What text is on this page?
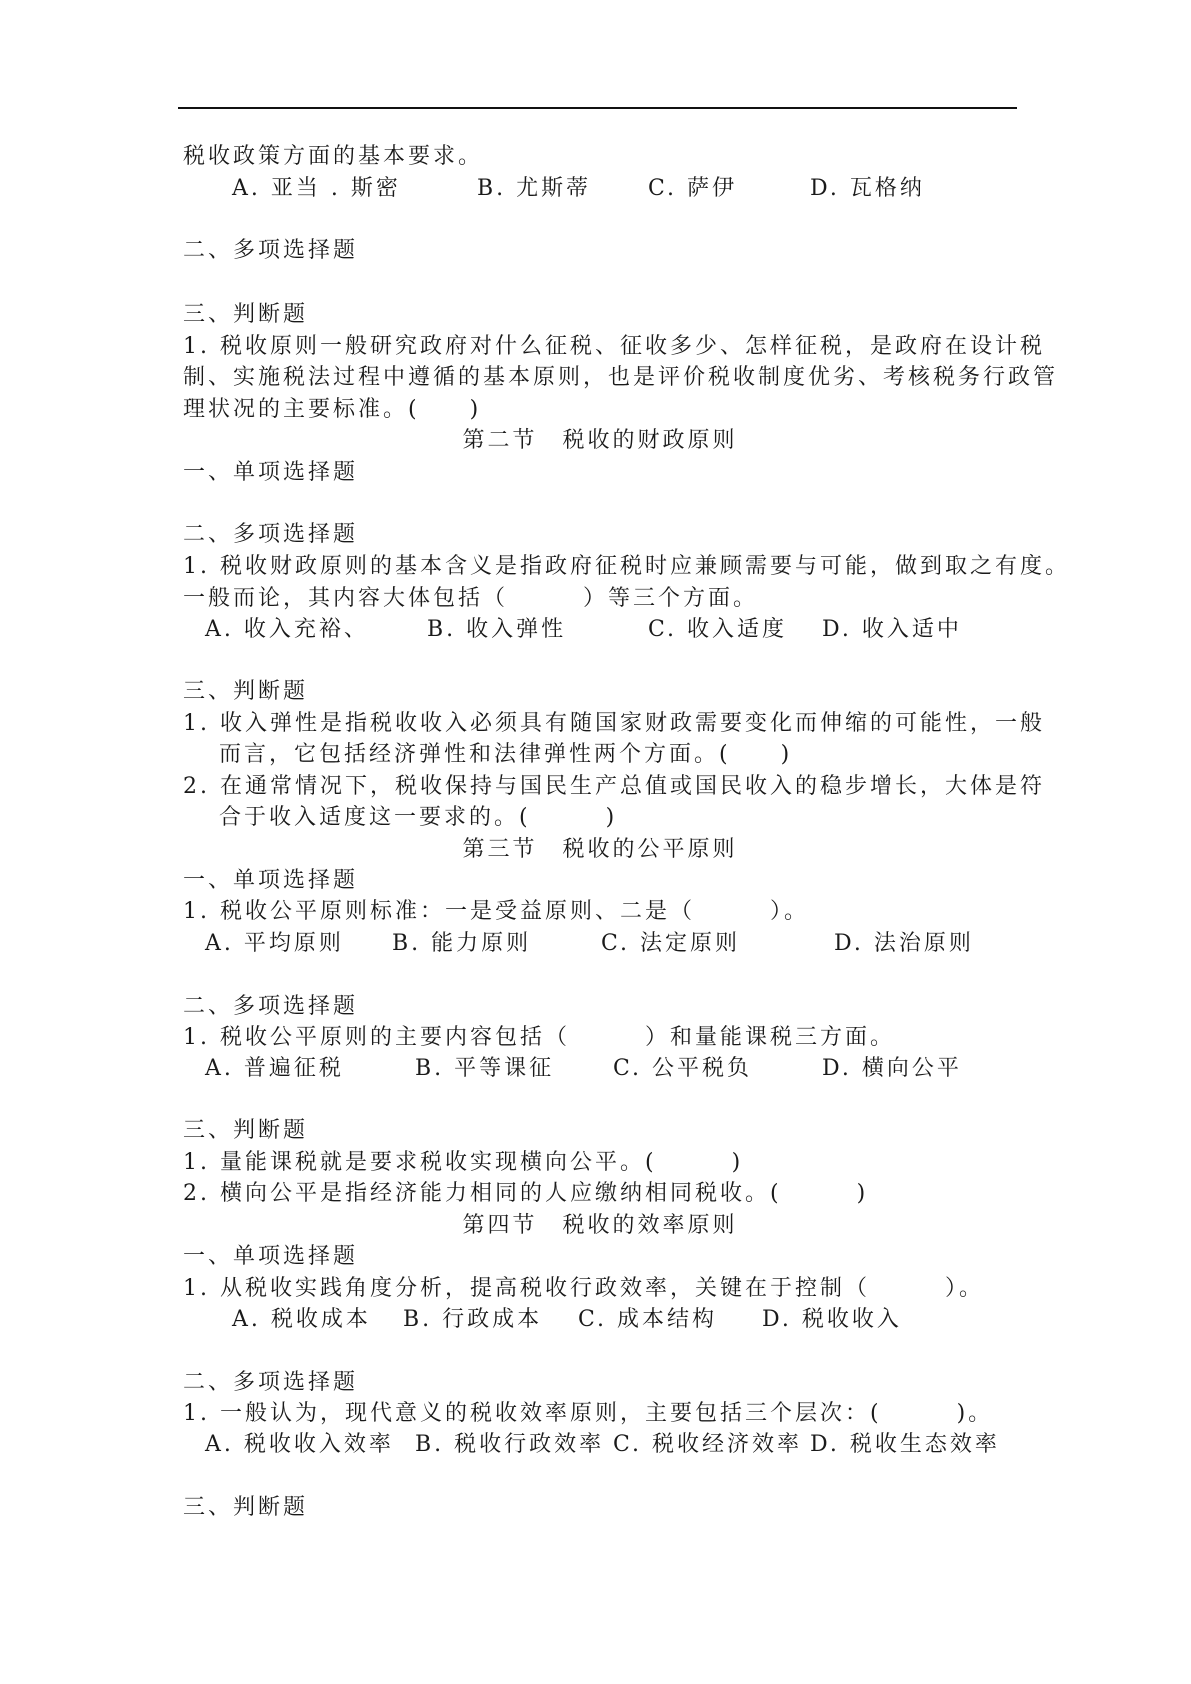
税收政策方面的基本要求。
A. 亚当 . 斯密	B. 尤斯蒂	C. 萨伊	D. 瓦格纳
二、多项选择题
三、判断题
1. 税收原则一般研究政府对什么征税、征收多少、怎样征税，是政府在设计税
制、实施税法过程中遵循的基本原则，也是评价税收制度优劣、考核税务行政管
理状况的主要标准。(　　)
第二节　税收的财政原则
一、单项选择题
二、多项选择题
1. 税收财政原则的基本含义是指政府征税时应兼顾需要与可能，做到取之有度。
一般而论，其内容大体包括（　　　）等三个方面。
A. 收入充裕、	B. 收入弹性	C. 收入适度 D. 收入适中
三、判断题
1. 收入弹性是指税收收入必须具有随国家财政需要变化而伸缩的可能性，一般
而言，它包括经济弹性和法律弹性两个方面。(　　)
2. 在通常情况下，税收保持与国民生产总值或国民收入的稳步增长，大体是符
合于收入适度这一要求的。(　　　)
第三节　税收的公平原则
一、单项选择题
1. 税收公平原则标准：一是受益原则、二是（　　　）。
A. 平均原则 B. 能力原则	C. 法定原则	D. 法治原则
二、多项选择题
1. 税收公平原则的主要内容包括（　　　）和量能课税三方面。
A. 普遍征税	B. 平等课征	C. 公平税负	D. 横向公平
三、判断题
1. 量能课税就是要求税收实现横向公平。(　　　)
2. 横向公平是指经济能力相同的人应缴纳相同税收。(　　　)
第四节　税收的效率原则
一、单项选择题
1. 从税收实践角度分析，提高税收行政效率，关键在于控制（　　　）。
A. 税收成本 B. 行政成本 C. 成本结构 D. 税收收入
二、多项选择题
1. 一般认为，现代意义的税收效率原则，主要包括三个层次：(　　　)。
A. 税收收入效率 B. 税收行政效率 C. 税收经济效率 D. 税收生态效率
三、判断题
